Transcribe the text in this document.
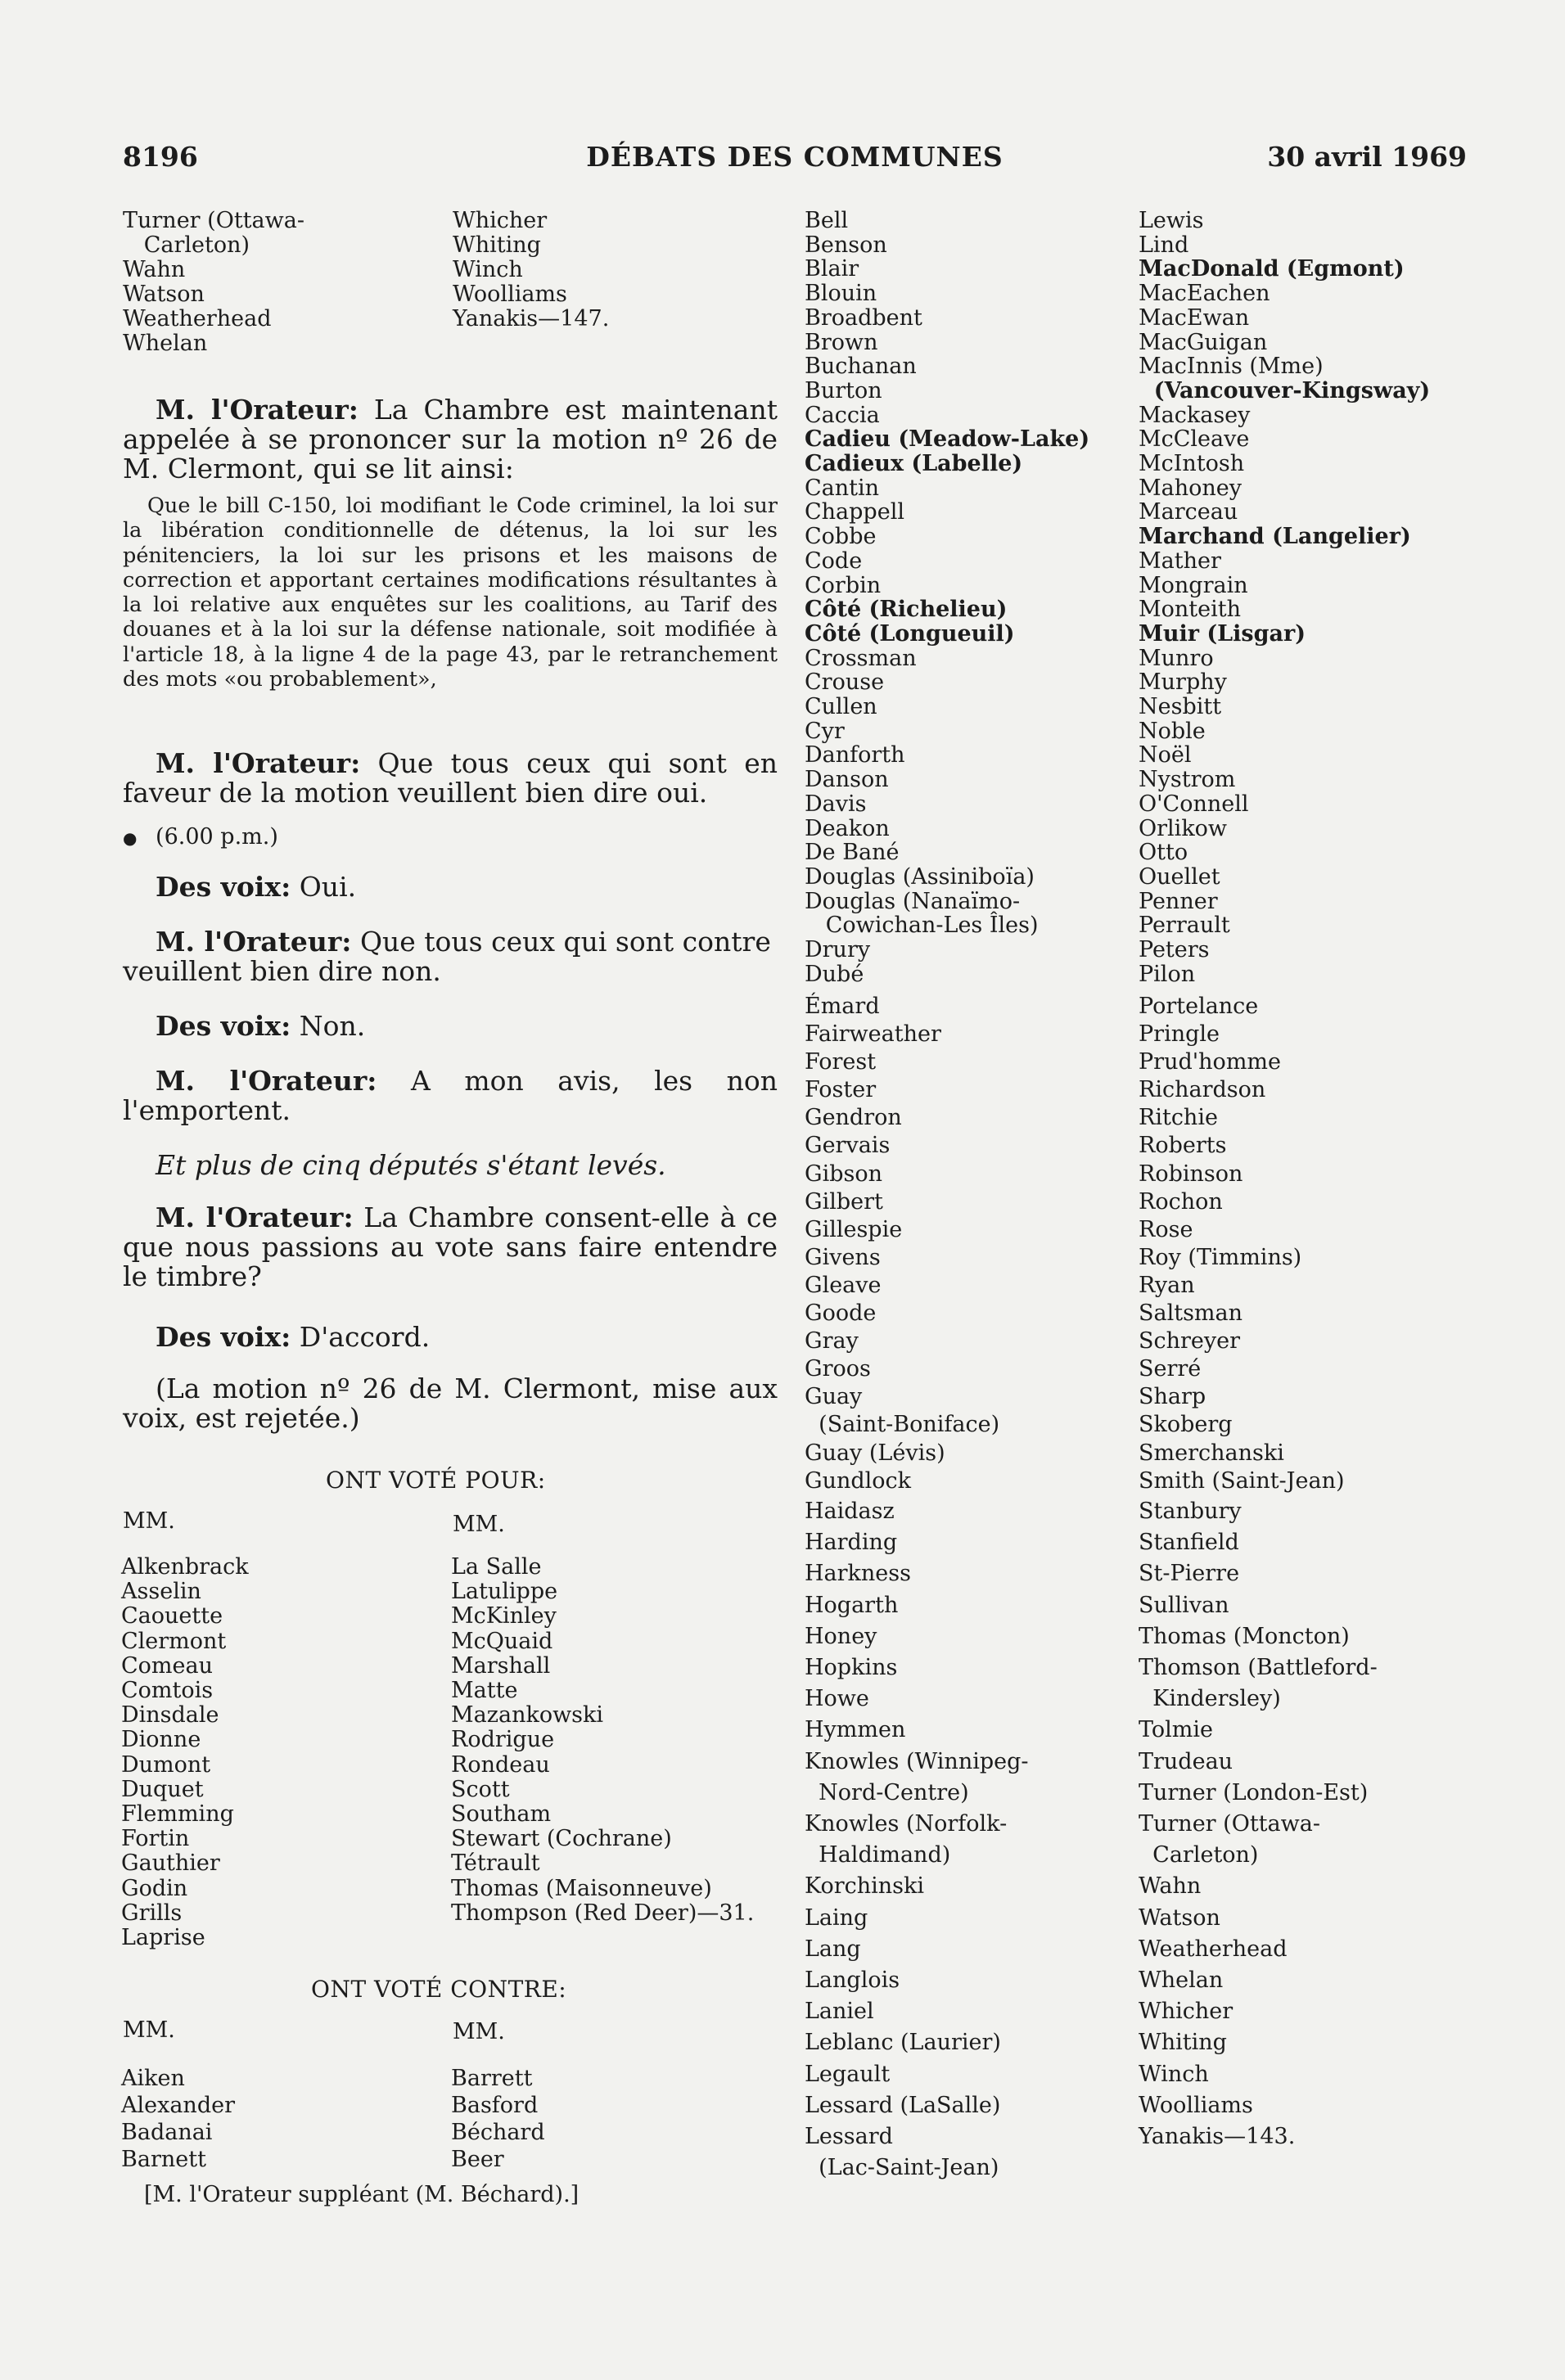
8196	DÉBATS DES COMMUNES	30 avril 1969
Turner (Ottawa-
Carleton)
Wahn
Watson
Weatherhead
Whelan
Whicher
Whiting
Winch
Woolliams
Yanakis—147.

M. l'Orateur: La Chambre est maintenant appelée à se prononcer sur la motion nº 26 de M. Clermont, qui se lit ainsi:

Que le bill C-150, loi modifiant le Code criminel, la loi sur la libération conditionnelle de détenus, la loi sur les pénitenciers, la loi sur les prisons et les maisons de correction et apportant certaines modifications résultantes à la loi relative aux enquêtes sur les coalitions, au Tarif des douanes et à la loi sur la défense nationale, soit modifiée à l'article 18, à la ligne 4 de la page 43, par le retranchement des mots «ou probablement»,

M. l'Orateur: Que tous ceux qui sont en faveur de la motion veuillent bien dire oui.

● (6.00 p.m.)

Des voix: Oui.

M. l'Orateur: Que tous ceux qui sont contre veuillent bien dire non.

Des voix: Non.

M. l'Orateur: A mon avis, les non l'emportent.

Et plus de cinq députés s'étant levés.

M. l'Orateur: La Chambre consent-elle à ce que nous passions au vote sans faire entendre le timbre?

Des voix: D'accord.

(La motion nº 26 de M. Clermont, mise aux voix, est rejetée.)

ONT VOTÉ POUR:
MM.	MM.
Alkenbrack
Asselin
Caouette
Clermont
Comeau
Comtois
Dinsdale
Dionne
Dumont
Duquet
Flemming
Fortin
Gauthier
Godin
Grills
Laprise
La Salle
Latulippe
McKinley
McQuaid
Marshall
Matte
Mazankowski
Rodrigue
Rondeau
Scott
Southam
Stewart (Cochrane)
Tétrault
Thomas (Maisonneuve)
Thompson (Red Deer)—31.
ONT VOTÉ CONTRE:
MM.	MM.
Aiken
Alexander
Badanai
Barnett
Barrett
Basford
Béchard
Beer
[M. l'Orateur suppléant (M. Béchard).]
Bell
Benson
Blair
Blouin
Broadbent
Brown
Buchanan
Burton
Caccia
Cadieu (Meadow-Lake)
Cadieux (Labelle)
Cantin
Chappell
Cobbe
Code
Corbin
Côté (Richelieu)
Côté (Longueuil)
Crossman
Crouse
Cullen
Cyr
Danforth
Danson
Davis
Deakon
De Bané
Douglas (Assiniboïa)
Douglas (Nanaïmo-
Cowichan-Les Îles)
Drury
Dubé
Émard
Fairweather
Forest
Foster
Gendron
Gervais
Gibson
Gilbert
Gillespie
Givens
Gleave
Goode
Gray
Groos
Guay
(Saint-Boniface)
Guay (Lévis)
Gundlock
Haidasz
Harding
Harkness
Hogarth
Honey
Hopkins
Howe
Hymmen
Knowles (Winnipeg-
Nord-Centre)
Knowles (Norfolk-
Haldimand)
Korchinski
Laing
Lang
Langlois
Laniel
Leblanc (Laurier)
Legault
Lessard (LaSalle)
Lessard
(Lac-Saint-Jean)
Lewis
Lind
MacDonald (Egmont)
MacEachen
MacEwan
MacGuigan
MacInnis (Mme)
(Vancouver-Kingsway)
Mackasey
McCleave
McIntosh
Mahoney
Marceau
Marchand (Langelier)
Mather
Mongrain
Monteith
Muir (Lisgar)
Munro
Murphy
Nesbitt
Noble
Noël
Nystrom
O'Connell
Orlikow
Otto
Ouellet
Penner
Perrault
Peters
Pilon
Portelance
Pringle
Prud'homme
Richardson
Ritchie
Roberts
Robinson
Rochon
Rose
Roy (Timmins)
Ryan
Saltsman
Schreyer
Serré
Sharp
Skoberg
Smerchanski
Smith (Saint-Jean)
Stanbury
Stanfield
St-Pierre
Sullivan
Thomas (Moncton)
Thomson (Battleford-
Kindersley)
Tolmie
Trudeau
Turner (London-Est)
Turner (Ottawa-
Carleton)
Wahn
Watson
Weatherhead
Whelan
Whicher
Whiting
Winch
Woolliams
Yanakis—143.
